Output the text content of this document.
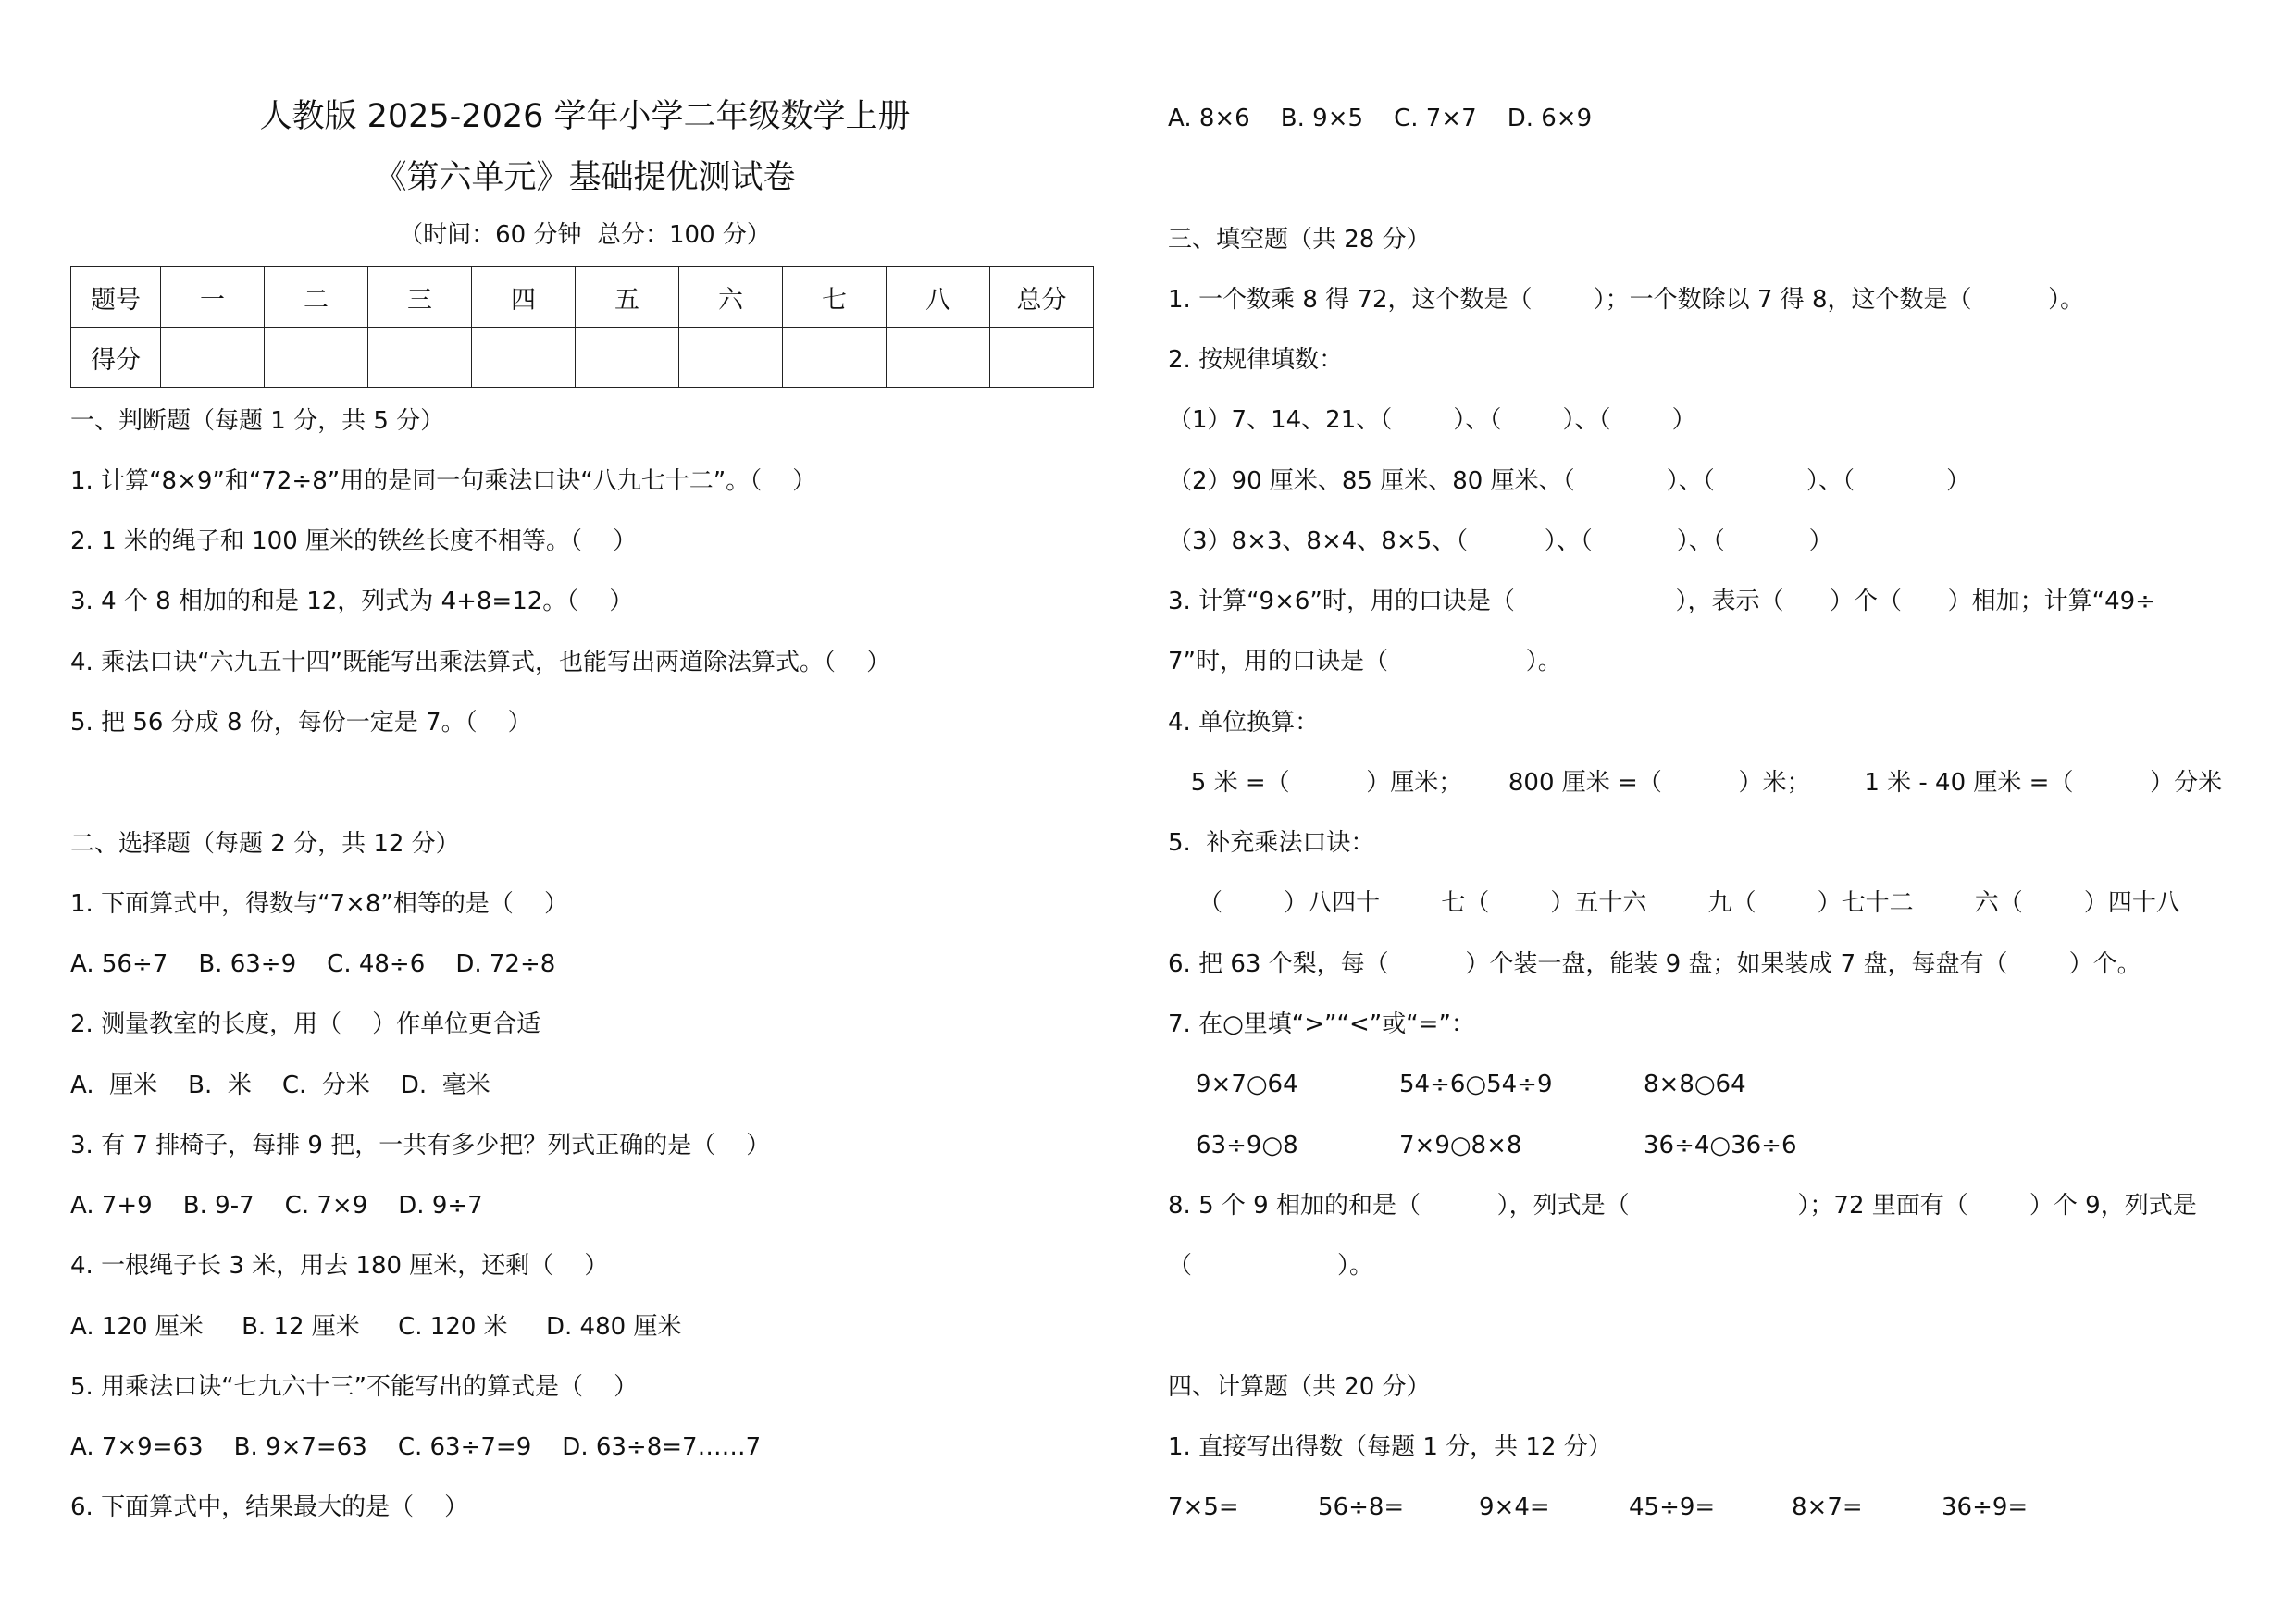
人教版 2025-2026 学年小学二年级数学上册
《第六单元》基础提优测试卷
（时间：60 分钟  总分：100 分）
题号	一	二	三	四	五	六	七	八	总分
得分									
一、判断题（每题 1 分，共 5 分）
1. 计算“8×9”和“72÷8”用的是同一句乘法口诀“八九七十二”。（    ）
2. 1 米的绳子和 100 厘米的铁丝长度不相等。（    ）
3. 4 个 8 相加的和是 12，列式为 4+8=12。（    ）
4. 乘法口诀“六九五十四”既能写出乘法算式，也能写出两道除法算式。（    ）
5. 把 56 分成 8 份，每份一定是 7。（    ）
二、选择题（每题 2 分，共 12 分）
1. 下面算式中，得数与“7×8”相等的是（    ）
A. 56÷7    B. 63÷9    C. 48÷6    D. 72÷8
2. 测量教室的长度，用（    ）作单位更合适
A.  厘米    B.  米    C.  分米    D.  毫米
3. 有 7 排椅子，每排 9 把，一共有多少把？列式正确的是（    ）
A. 7+9    B. 9-7    C. 7×9    D. 9÷7
4. 一根绳子长 3 米，用去 180 厘米，还剩（    ）
A. 120 厘米     B. 12 厘米     C. 120 米     D. 480 厘米
5. 用乘法口诀“七九六十三”不能写出的算式是（    ）
A. 7×9=63    B. 9×7=63    C. 63÷7=9    D. 63÷8=7……7
6. 下面算式中，结果最大的是（    ）
A. 8×6    B. 9×5    C. 7×7    D. 6×9
三、填空题（共 28 分）
1. 一个数乘 8 得 72，这个数是（        ）；一个数除以 7 得 8，这个数是（          ）。
2. 按规律填数：
（1）7、14、21、（        ）、（        ）、（        ）
（2）90 厘米、85 厘米、80 厘米、（            ）、（            ）、（            ）
（3）8×3、8×4、8×5、（          ）、（           ）、（           ）
3. 计算“9×6”时，用的口诀是（                     ），表示（      ）个（      ）相加；计算“49÷
7”时，用的口诀是（                  ）。
4. 单位换算：
5 米 =（          ）厘米；      800 厘米 =（          ）米；       1 米 - 40 厘米 =（          ）分米
5.  补充乘法口诀：
（        ）八四十        七（        ）五十六        九（        ）七十二        六（        ）四十八
6. 把 63 个梨，每（          ）个装一盘，能装 9 盘；如果装成 7 盘，每盘有（        ）个。
7. 在○里填“>”“<”或“=”：
9×7○64	54÷6○54÷9	8×8○64
63÷9○8	7×9○8×8	36÷4○36÷6
8. 5 个 9 相加的和是（          ），列式是（                      ）；72 里面有（        ）个 9，列式是
（                   ）。
四、计算题（共 20 分）
1. 直接写出得数（每题 1 分，共 12 分）
7×5=	56÷8=	9×4=	45÷9=	8×7=	36÷9=
